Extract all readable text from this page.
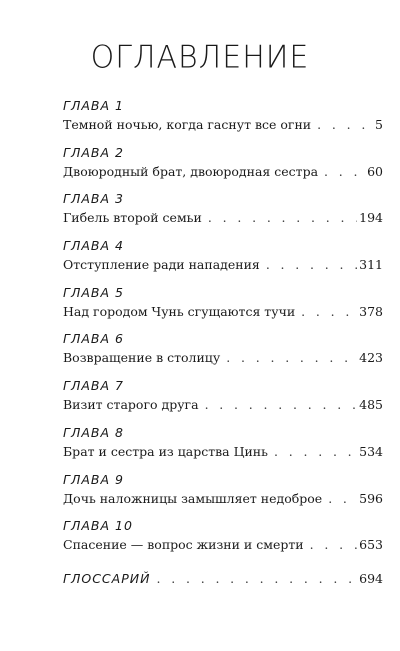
ОГЛАВЛЕНИЕ
ГЛАВА 1
Темной ночью, когда гаснут все огни . . .	5
ГЛАВА 2
Двоюродный брат, двоюродная сестра . . .	60
ГЛАВА 3
Гибель второй семьи . . .	194
ГЛАВА 4
Отступление ради нападения . . .	311
ГЛАВА 5
Над городом Чунь сгущаются тучи . . .	378
ГЛАВА 6
Возвращение в столицу . . .	423
ГЛАВА 7
Визит старого друга . . .	485
ГЛАВА 8
Брат и сестра из царства Цинь . . .	534
ГЛАВА 9
Дочь наложницы замышляет недоброе . . .	596
ГЛАВА 10
Спасение — вопрос жизни и смерти . . .	653
ГЛОССАРИЙ . . .	694
